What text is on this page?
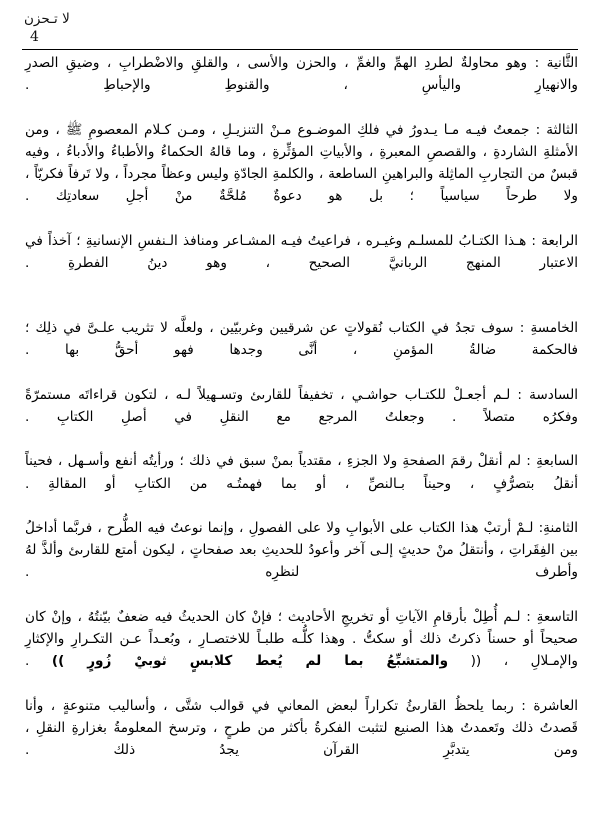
لا تـحزن
4

الثَّانية : وهو محاولةٌ لطردِ الهمِّ والغمِّ ، والحزن والأسى ، والقلقِ والاضْطرابِ ، وضيقِ الصدرِ والانهيارِ واليأسِ ، والقنوطِ والإحباطِ .

الثالثة : جمعتُ فيـه مـا يـدورُ في فلكِ الموضـوع مـنْ التنزيـلِ ، ومـن كـلام المعصومِ ﷺ ، ومن الأمثلةِ الشاردةِ ، والقصصِ المعبرةِ ، والأبياتِ المؤثِّرةِ ، وما قالهُ الحكماءُ والأطباءُ والأدباءُ ، وفيه قبسٌ من التجاربِ الماثِلة والبراهينِ الساطعة ، والكلمةِ الجادّةِ وليس وعظاً مجرداً ، ولا تَرفاً فكريّاً ، ولا طرحاً سياسياً ؛ بل هو دعوةٌ مُلحَّةٌ منْ أجلِ سعادتِك .

الرابعة : هـذا الكتـابُ للمسلـم وغيـره ، فراعيتُ فيـه المشـاعر ومنافذ الـنفسِ الإنسانيةِ ؛ آخذاً في الاعتبار المنهج الربانيَّ الصحيح ، وهو دينُ الفطرةِ .

الخامسةِ : سوف تجدُ في الكتاب نُقولاتٍ عن شرقيين وغربيّين ، ولعلَّه لا تثريب علـىَّ في ذلِك ؛ فالحكمة ضالةُ المؤمنِ ، أنَّى وجدها فهو أحقُّ بها .

السادسة : لـم أجعـلْ للكتـاب حواشـي ، تخفيفاً للقارىئ وتسـهيلاً لـه ، لتكون قراءاتَه مستمرّةً وفكرُه متصلاً . وجعلتُ المرجع مع النقلِ في أصلِ الكتابِ .

السابعةِ : لم أنقلْ رقمَ الصفحةِ ولا الجزءِ ، مقتدياً بمنْ سبق في ذلك ؛ ورأيتُه أنفع وأسـهل ، فحيناً أنقلُ بتصرُّفٍ ، وحيناً بـالنصِّ ، أو بما فهمتُـه من الكتابِ أو المقالةِ .

الثامنةِ: لـمْ أرتبْ هذا الكتاب على الأبوابِ ولا على الفصولِ ، وإنما نوعتُ فيه الطُّرح ، فربَّما أداخلُ بين الفِقَراتِ ، وأنتقلُ منْ حديثٍ إلـى آخر وأعودُ للحديثِ بعد صفحاتٍ ، ليكون أمتع للقارىئ وألذَّ لهُ وأطرف لنظرِه .

التاسعةِ : لـم أُطِلْ بأرقامِ الآياتِ أو تخريجِ الأحاديث ؛ فإنْ كان الحديثُ فيه ضعفٌ بيّنتُهُ ، وإنْ كان صحيحاً أو حسناً ذكرتُ ذلك أو سكتُّ . وهذا كلُّـه طلبـاً للاختصـارِ ، وبُعـداً عـن التكـرارِ والإكثارِ والإمـلالِ ، (( والمتشبِّعُ بما لم يُعط كلابسٍ ثوبيْ زُورٍ )) .

العاشرة : ربما يلحظُ القارىئُ تكراراً لبعض المعاني في قوالب شتَّى ، وأساليب متنوعةٍ ، وأنا قَصدتُ ذلك وتَعمدتُ هذا الصنيع لتثبت الفكرةُ بأكثر من طرحٍ ، وترسخ المعلومةُ بغزارةِ النقلِ ، ومن يتدبَّرِ القرآن يجدُ ذلك .
